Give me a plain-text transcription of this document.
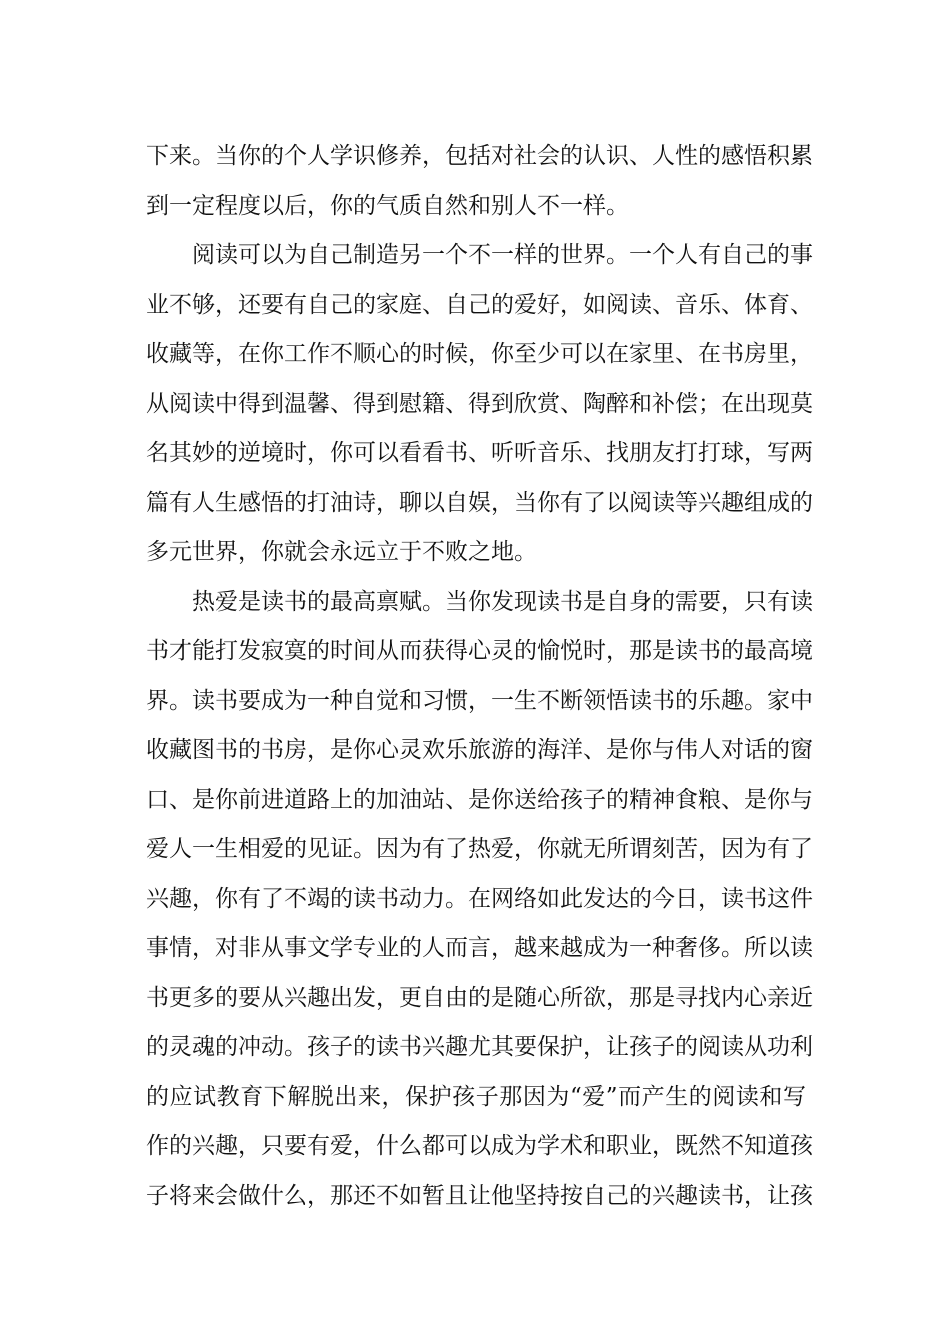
下来。当你的个人学识修养，包括对社会的认识、人性的感悟积累
到一定程度以后，你的气质自然和别人不一样。
阅读可以为自己制造另一个不一样的世界。一个人有自己的事
业不够，还要有自己的家庭、自己的爱好，如阅读、音乐、体育、
收藏等，在你工作不顺心的时候，你至少可以在家里、在书房里，
从阅读中得到温馨、得到慰籍、得到欣赏、陶醉和补偿；在出现莫
名其妙的逆境时，你可以看看书、听听音乐、找朋友打打球，写两
篇有人生感悟的打油诗，聊以自娱，当你有了以阅读等兴趣组成的
多元世界，你就会永远立于不败之地。
热爱是读书的最高禀赋。当你发现读书是自身的需要，只有读
书才能打发寂寞的时间从而获得心灵的愉悦时，那是读书的最高境
界。读书要成为一种自觉和习惯，一生不断领悟读书的乐趣。家中
收藏图书的书房，是你心灵欢乐旅游的海洋、是你与伟人对话的窗
口、是你前进道路上的加油站、是你送给孩子的精神食粮、是你与
爱人一生相爱的见证。因为有了热爱，你就无所谓刻苦，因为有了
兴趣，你有了不竭的读书动力。在网络如此发达的今日，读书这件
事情，对非从事文学专业的人而言，越来越成为一种奢侈。所以读
书更多的要从兴趣出发，更自由的是随心所欲，那是寻找内心亲近
的灵魂的冲动。孩子的读书兴趣尤其要保护，让孩子的阅读从功利
的应试教育下解脱出来，保护孩子那因为“爱”而产生的阅读和写
作的兴趣，只要有爱，什么都可以成为学术和职业，既然不知道孩
子将来会做什么，那还不如暂且让他坚持按自己的兴趣读书，让孩
